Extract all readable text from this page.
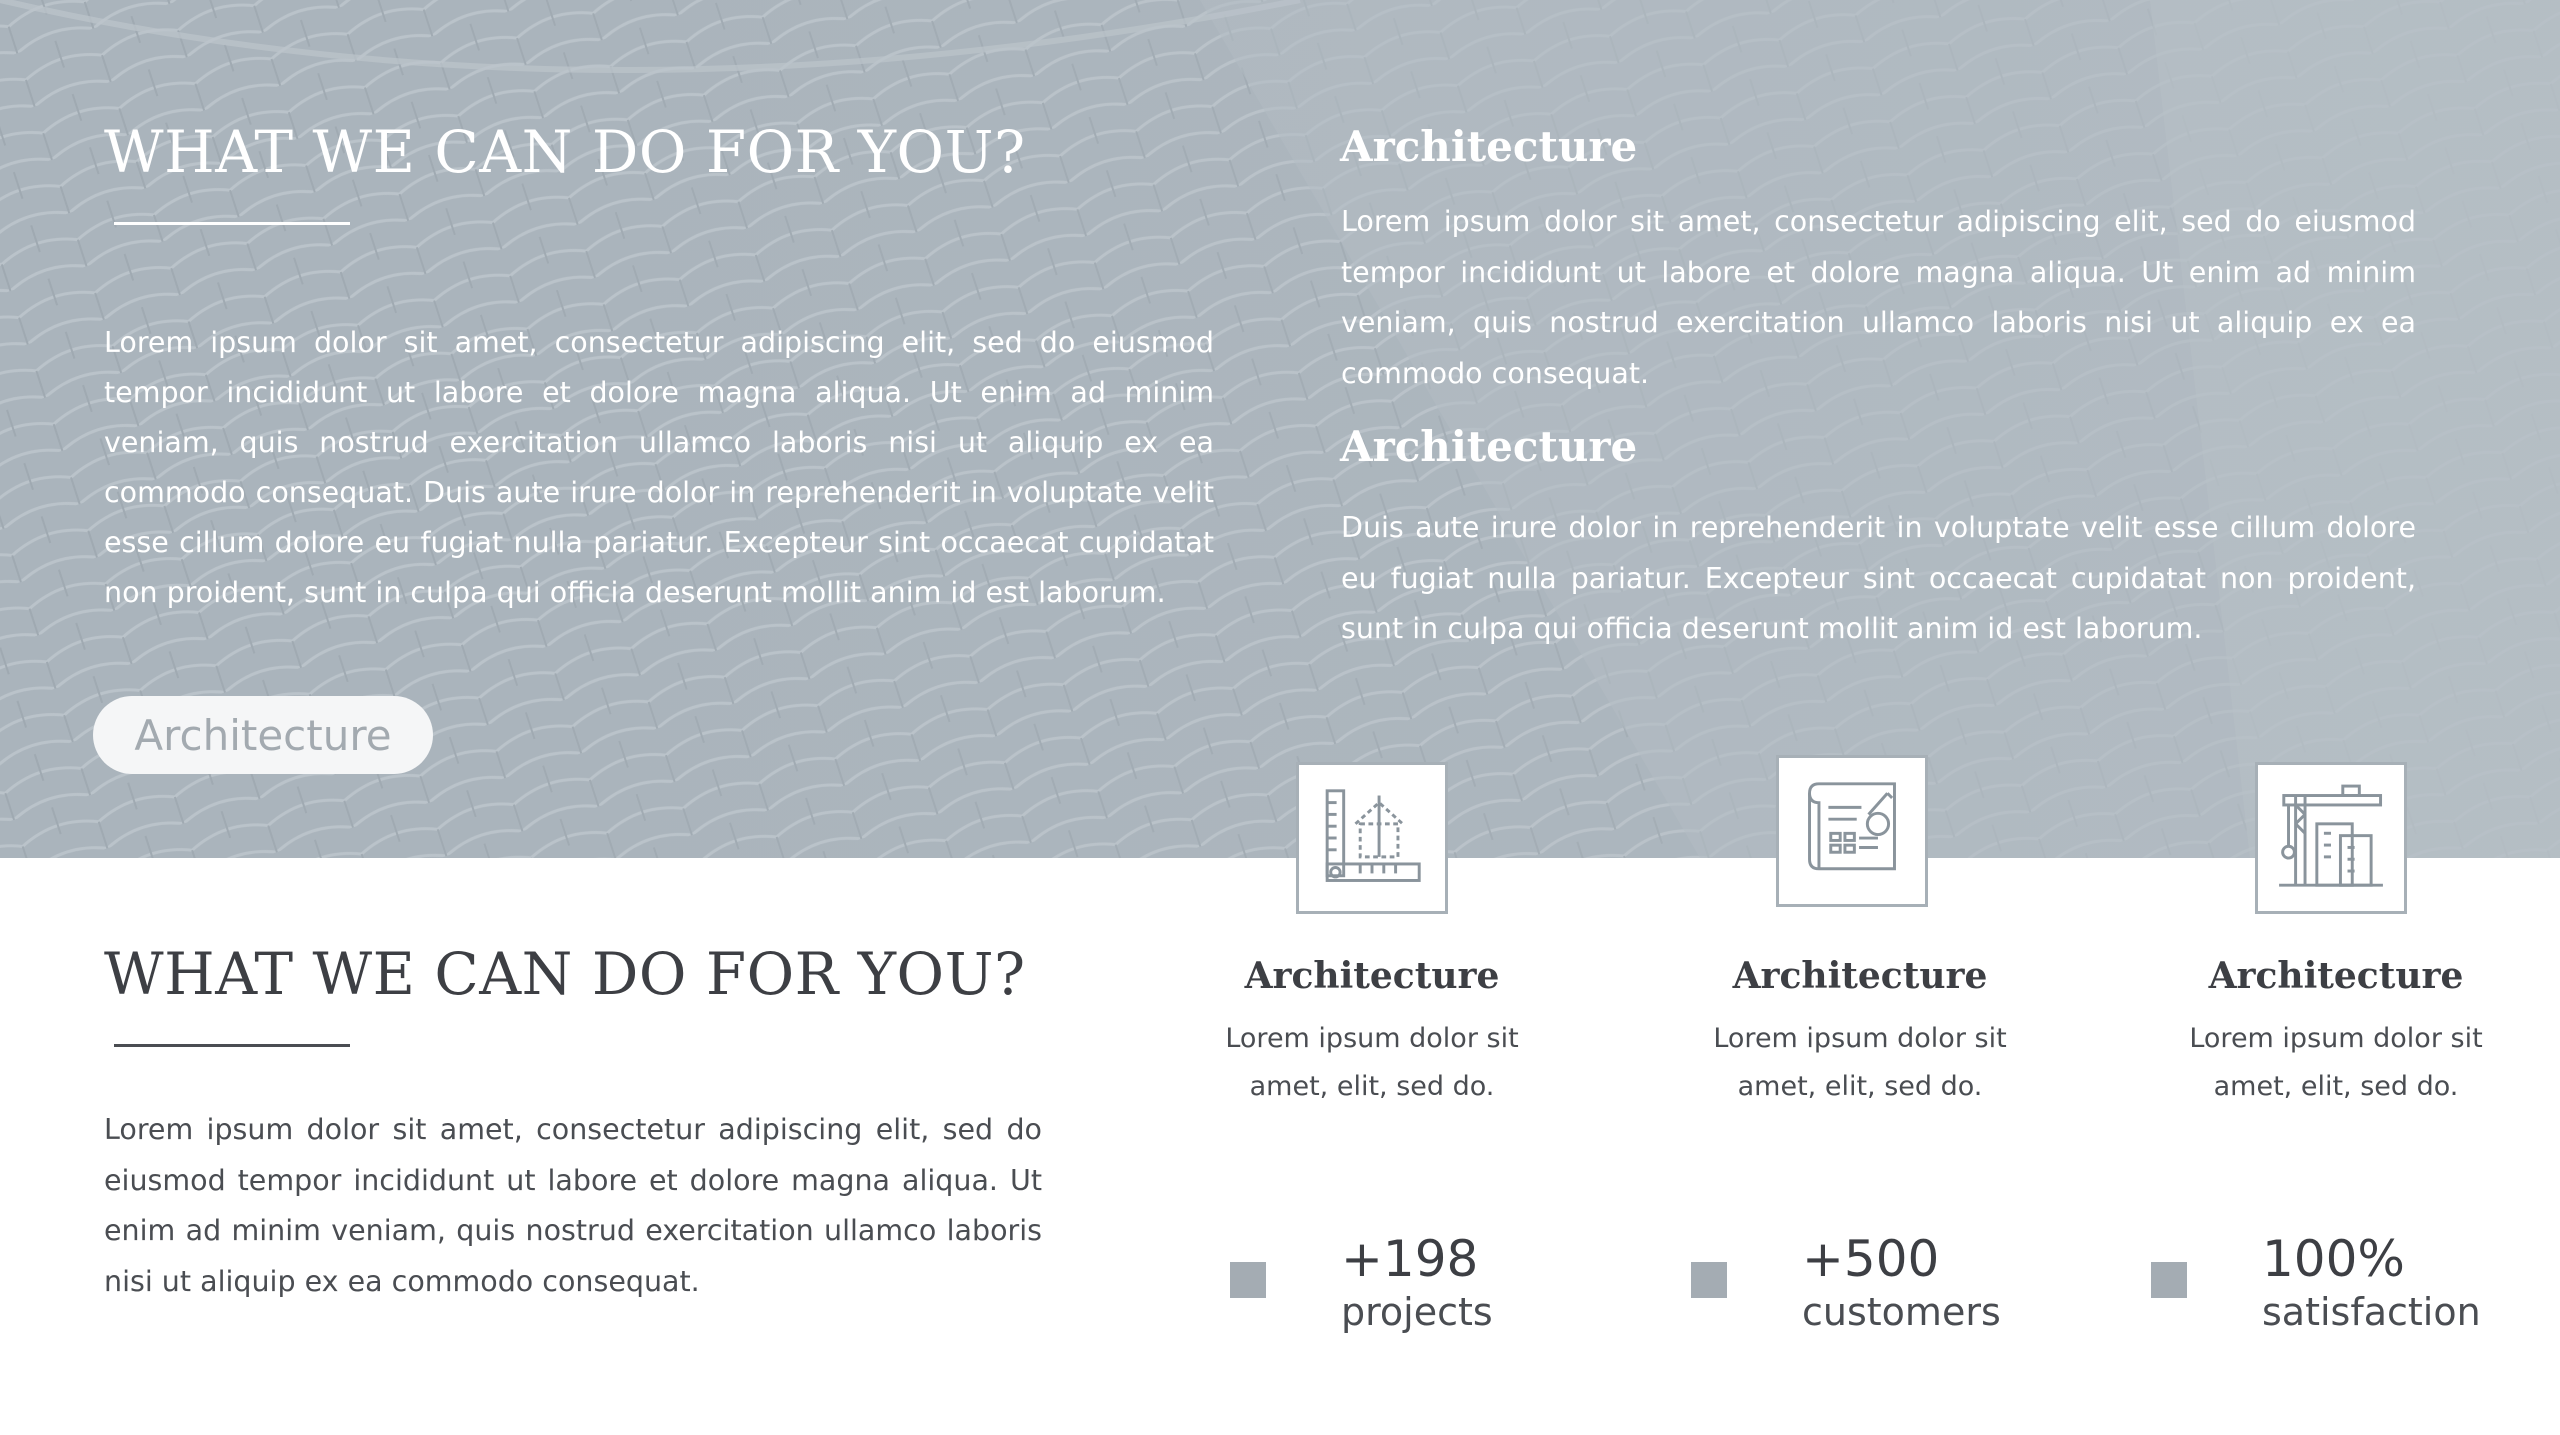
WHAT WE CAN DO FOR YOU?

Lorem ipsum dolor sit amet, consectetur adipiscing elit, sed do eiusmod tempor incididunt ut labore et dolore magna aliqua. Ut enim ad minim veniam, quis nostrud exercitation ullamco laboris nisi ut aliquip ex ea commodo consequat. Duis aute irure dolor in reprehenderit in voluptate velit esse cillum dolore eu fugiat nulla pariatur. Excepteur sint occaecat cupidatat non proident, sunt in culpa qui officia deserunt mollit anim id est laborum.

Architecture
Architecture

Lorem ipsum dolor sit amet, consectetur adipiscing elit, sed do eiusmod tempor incididunt ut labore et dolore magna aliqua. Ut enim ad minim veniam, quis nostrud exercitation ullamco laboris nisi ut aliquip ex ea commodo consequat.

Architecture

Duis aute irure dolor in reprehenderit in voluptate velit esse cillum dolore eu fugiat nulla pariatur. Excepteur sint occaecat cupidatat non proident, sunt in culpa qui officia deserunt mollit anim id est laborum.

WHAT WE CAN DO FOR YOU?

Lorem ipsum dolor sit amet, consectetur adipiscing elit, sed do eiusmod tempor incididunt ut labore et dolore magna aliqua. Ut enim ad minim veniam, quis nostrud exercitation ullamco laboris nisi ut aliquip ex ea commodo consequat.

Architecture

Lorem ipsum dolor sit amet, elit, sed do.

Architecture

Lorem ipsum dolor sit amet, elit, sed do.

Architecture

Lorem ipsum dolor sit amet, elit, sed do.

+198
projects
+500
customers
100%
satisfaction
